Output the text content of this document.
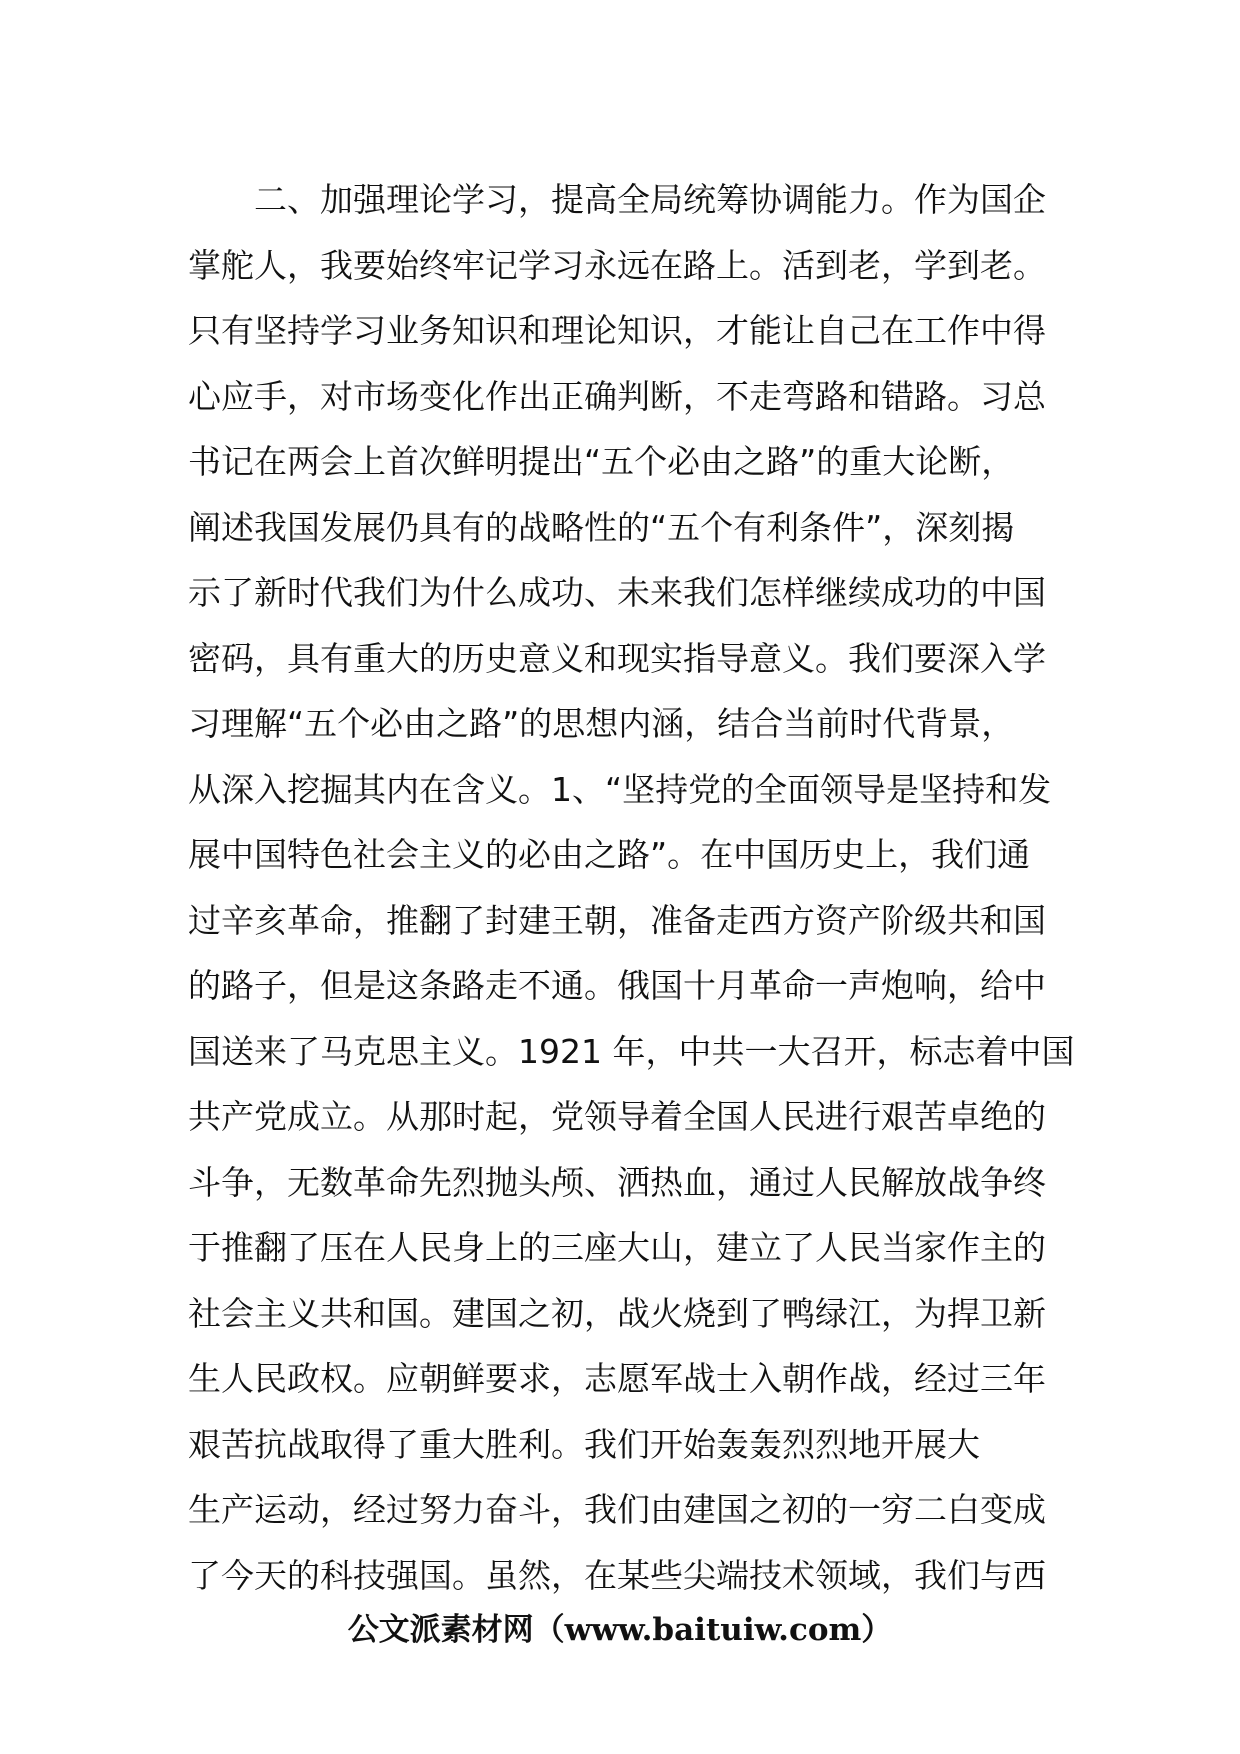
二、加强理论学习，提高全局统筹协调能力。作为国企
掌舵人，我要始终牢记学习永远在路上。活到老，学到老。
只有坚持学习业务知识和理论知识，才能让自己在工作中得
心应手，对市场变化作出正确判断，不走弯路和错路。习总
书记在两会上首次鲜明提出“五个必由之路”的重大论断，
阐述我国发展仍具有的战略性的“五个有利条件”，深刻揭
示了新时代我们为什么成功、未来我们怎样继续成功的中国
密码，具有重大的历史意义和现实指导意义。我们要深入学
习理解“五个必由之路”的思想内涵，结合当前时代背景，
从深入挖掘其内在含义。1、“坚持党的全面领导是坚持和发
展中国特色社会主义的必由之路”。在中国历史上，我们通
过辛亥革命，推翻了封建王朝，准备走西方资产阶级共和国
的路子，但是这条路走不通。俄国十月革命一声炮响，给中
国送来了马克思主义。1921 年，中共一大召开，标志着中国
共产党成立。从那时起，党领导着全国人民进行艰苦卓绝的
斗争，无数革命先烈抛头颅、洒热血，通过人民解放战争终
于推翻了压在人民身上的三座大山，建立了人民当家作主的
社会主义共和国。建国之初，战火烧到了鸭绿江，为捍卫新
生人民政权。应朝鲜要求，志愿军战士入朝作战，经过三年
艰苦抗战取得了重大胜利。我们开始轰轰烈烈地开展大
生产运动，经过努力奋斗，我们由建国之初的一穷二白变成
了今天的科技强国。虽然，在某些尖端技术领域，我们与西
公文派素材网（www.baituiw.com）
